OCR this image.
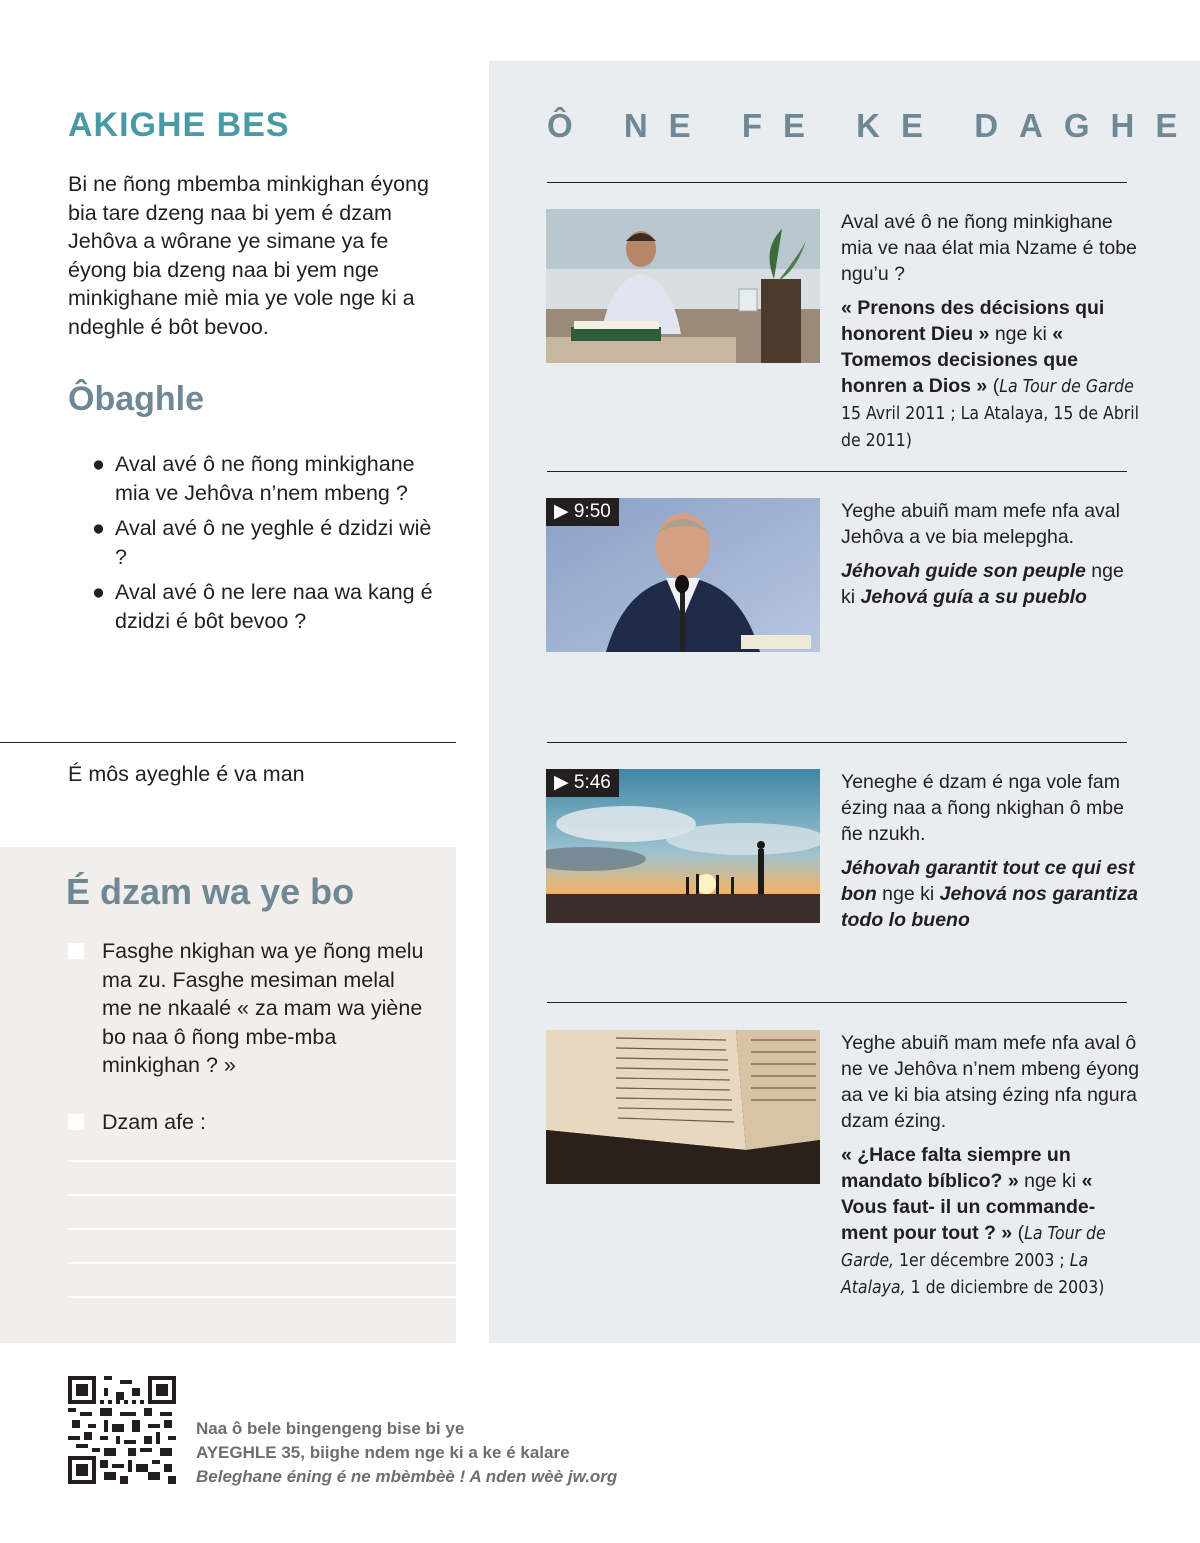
AKIGHE BES

Bi ne ñong mbemba minkighan éyong bia tare dzeng naa bi yem é dzam Jehôva a wôrane ye simane ya fe éyong bia dzeng naa bi yem nge minkighane miè mia ye vole nge ki a ndeghle é bôt bevoo.

Ôbaghle
● Aval avé ô ne ñong minkighane mia ve Jehôva n’nem mbeng ?
● Aval avé ô ne yeghle é dzidzi wiè ?
● Aval avé ô ne lere naa wa kang é dzidzi é bôt bevoo ?

É môs ayeghle é va man

É dzam wa ye bo
Fasghe nkighan wa ye ñong melu ma zu. Fasghe mesiman melal me ne nkaalé « za mam wa yiène bo naa ô ñong mbe-mba minkighan ? »
Dzam afe :
Ô NE FE KE DAGHE
Aval avé ô ne ñong minkighane mia ve naa élat mia Nzame é tobe ngu’u ?
« Prenons des décisions qui honorent Dieu » nge ki « Tomemos decisiones que honren a Dios » (La Tour de Garde 15 Avril 2011 ; La Atalaya, 15 de Abril de 2011)
▶ 9:50	Yeghe abuiñ mam mefe nfa aval Jehôva a ve bia melepgha.
Jéhovah guide son peuple nge ki Jehová guía a su pueblo
▶ 5:46	Yeneghe é dzam é nga vole fam ézing naa a ñong nkighan ô mbe ñe nzukh.
Jéhovah garantit tout ce qui est bon nge ki Jehová nos garantiza todo lo bueno
Yeghe abuiñ mam mefe nfa aval ô ne ve Jehôva n’nem mbeng éyong aa ve ki bia atsing ézing nfa ngura dzam ézing.
« ¿Hace falta siempre un mandato bíblico? » nge ki « Vous faut- il un commande-ment pour tout ? » (La Tour de Garde, 1er décembre 2003 ; La Atalaya, 1 de diciembre de 2003)
Naa ô bele bingengeng bise bi ye
AYEGHLE 35, biighe ndem nge ki a ke é kalare
Beleghane éning é ne mbèmbèè ! A nden wèè jw.org
